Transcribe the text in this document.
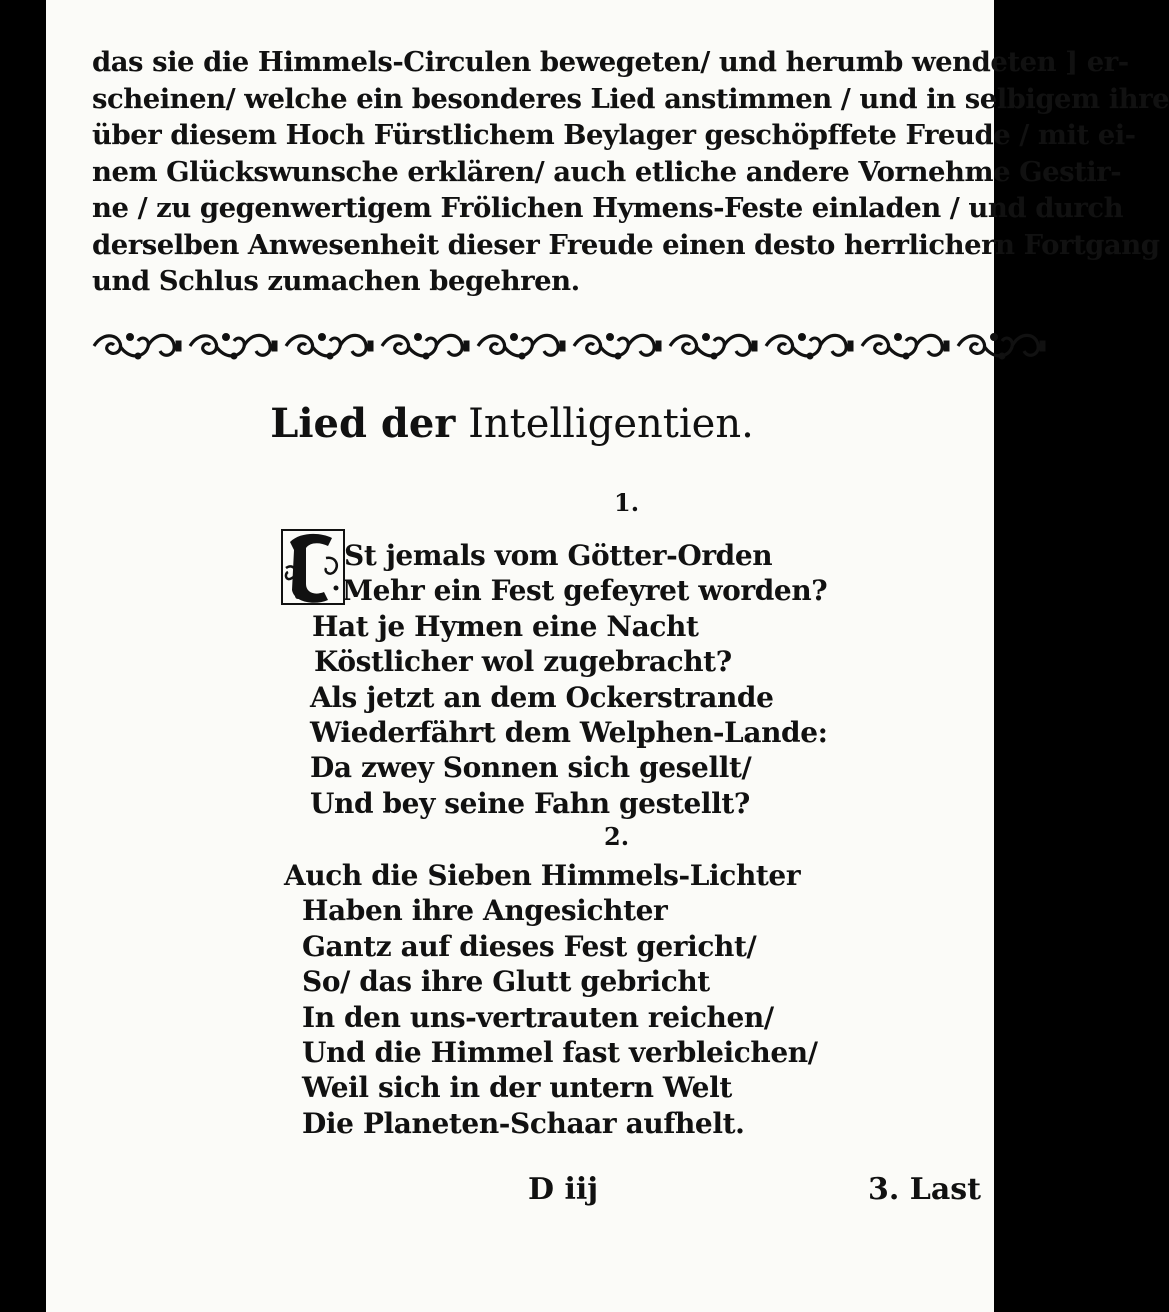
das sie die Himmels-Circulen bewegeten/ und herumb wendeten ] er-
scheinen/ welche ein besonderes Lied anstimmen / und in selbigem ihre
über diesem Hoch Fürstlichem Beylager geschöpffete Freude / mit ei-
nem Glückswunsche erklären/ auch etliche andere Vornehme Gestir-
ne / zu gegenwertigem Frölichen Hymens-Feste einladen / und durch
derselben Anwesenheit dieser Freude einen desto herrlichern Fortgang
und Schlus zumachen begehren.
Lied der Intelligentien.
1.
St jemals vom Götter-Orden
Mehr ein Fest gefeyret worden?
Hat je Hymen eine Nacht
Köstlicher wol zugebracht?
Als jetzt an dem Ockerstrande
Wiederfährt dem Welphen-Lande:
Da zwey Sonnen sich gesellt/
Und bey seine Fahn gestellt?
2.
Auch die Sieben Himmels-Lichter
Haben ihre Angesichter
Gantz auf dieses Fest gericht/
So/ das ihre Glutt gebricht
In den uns-vertrauten reichen/
Und die Himmel fast verbleichen/
Weil sich in der untern Welt
Die Planeten-Schaar aufhelt.
D iij	3. Last
